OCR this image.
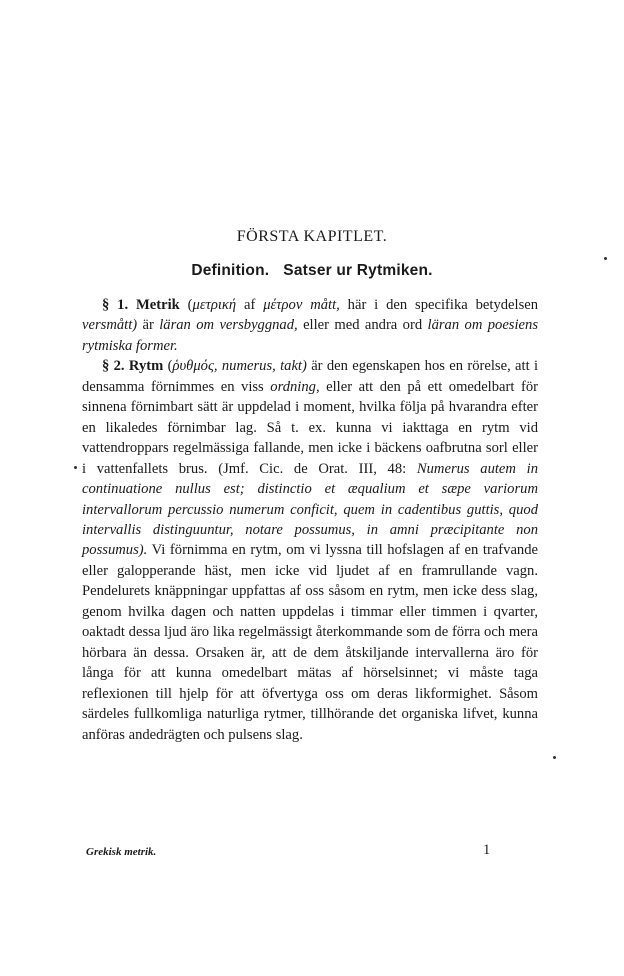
FÖRSTA KAPITLET.
Definition. Satser ur Rytmiken.

§ 1. Metrik (μετρική af μέτρον mått, här i den specifika betydelsen versmått) är läran om versbyggnad, eller med andra ord läran om poesiens rytmiska former.

§ 2. Rytm (ῥυθμός, numerus, takt) är den egenskapen hos en rörelse, att i densamma förnimmes en viss ordning, eller att den på ett omedelbart för sinnena förnimbart sätt är uppdelad i moment, hvilka följa på hvarandra efter en likaledes förnimbar lag. Så t. ex. kunna vi iakttaga en rytm vid vattendroppars regelmässiga fallande, men icke i bäckens oafbrutna sorl eller i vattenfallets brus. (Jmf. Cic. de Orat. III, 48: Numerus autem in continuatione nullus est; distinctio et æqualium et sæpe variorum intervallorum percussio numerum conficit, quem in cadentibus guttis, quod intervallis distinguuntur, notare possumus, in amni præcipitante non possumus). Vi förnimma en rytm, om vi lyssna till hofslagen af en trafvande eller galopperande häst, men icke vid ljudet af en framrullande vagn. Pendelurets knäppningar uppfattas af oss såsom en rytm, men icke dess slag, genom hvilka dagen och natten uppdelas i timmar eller timmen i qvarter, oaktadt dessa ljud äro lika regelmässigt återkommande som de förra och mera hörbara än dessa. Orsaken är, att de dem åtskiljande intervallerna äro för långa för att kunna omedelbart mätas af hörselsinnet; vi måste taga reflexionen till hjelp för att öfvertyga oss om deras likformighet. Såsom särdeles fullkomliga naturliga rytmer, tillhörande det organiska lifvet, kunna anföras andedrägten och pulsens slag.

Grekisk metrik.	1
